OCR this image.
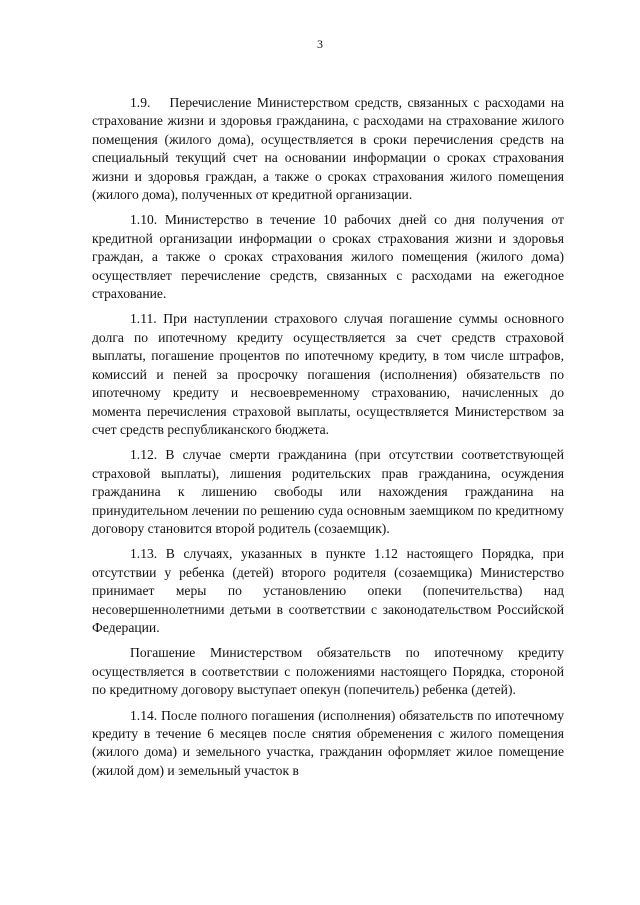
3

1.9.  Перечисление Министерством средств, связанных с расходами на страхование жизни и здоровья гражданина, с расходами на страхование жилого помещения (жилого дома), осуществляется в сроки перечисления средств на специальный текущий счет на основании информации о сроках страхования жизни и здоровья граждан, а также о сроках страхования жилого помещения (жилого дома), полученных от кредитной организации.

1.10. Министерство в течение 10 рабочих дней со дня получения от кредитной организации информации о сроках страхования жизни и здоровья граждан, а также о сроках страхования жилого помещения (жилого дома) осуществляет перечисление средств, связанных с расходами на ежегодное страхование.

1.11. При наступлении страхового случая погашение суммы основного долга по ипотечному кредиту осуществляется за счет средств страховой выплаты, погашение процентов по ипотечному кредиту, в том числе штрафов, комиссий и пеней за просрочку погашения (исполнения) обязательств по ипотечному кредиту и несвоевременному страхованию, начисленных до момента перечисления страховой выплаты, осуществляется Министерством за счет средств республиканского бюджета.

1.12. В случае смерти гражданина (при отсутствии соответствующей страховой выплаты), лишения родительских прав гражданина, осуждения гражданина к лишению свободы или нахождения гражданина на принудительном лечении по решению суда основным заемщиком по кредитному договору становится второй родитель (созаемщик).

1.13. В случаях, указанных в пункте 1.12 настоящего Порядка, при отсутствии у ребенка (детей) второго родителя (созаемщика) Министерство принимает меры по установлению опеки (попечительства) над несовершеннолетними детьми в соответствии с законодательством Российской Федерации.

Погашение Министерством обязательств по ипотечному кредиту осуществляется в соответствии с положениями настоящего Порядка, стороной по кредитному договору выступает опекун (попечитель) ребенка (детей).

1.14. После полного погашения (исполнения) обязательств по ипотечному кредиту в течение 6 месяцев после снятия обременения с жилого помещения (жилого дома) и земельного участка, гражданин оформляет жилое помещение (жилой дом) и земельный участок в
